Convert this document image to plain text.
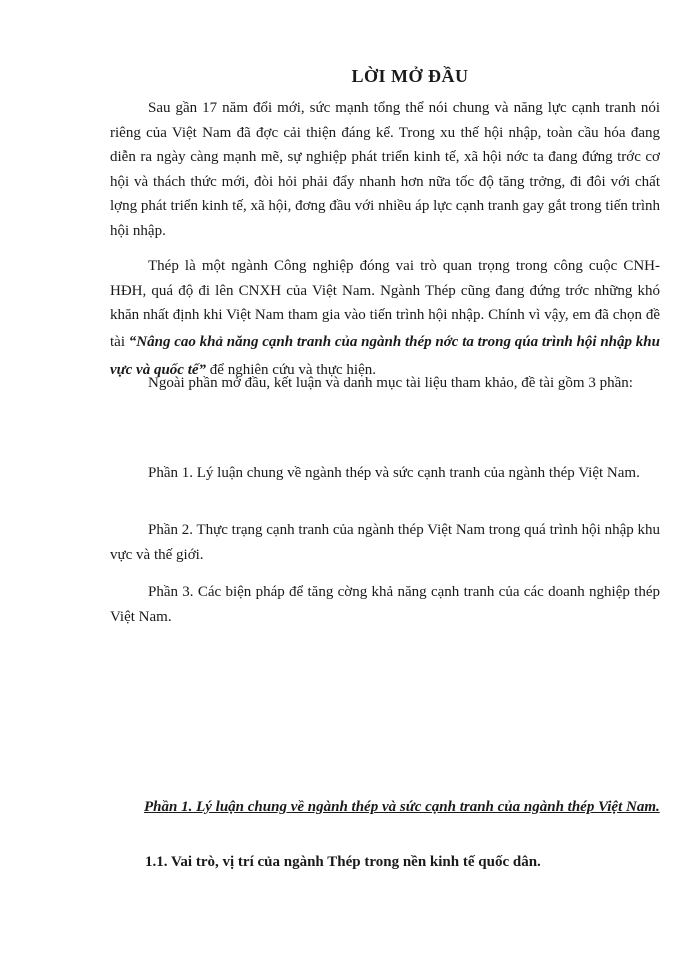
LỜI MỞ ĐẦU

Sau gần 17 năm đổi mới, sức mạnh tổng thể nói chung và năng lực cạnh tranh nói riêng của Việt Nam đã đợc cải thiện đáng kể. Trong xu thế hội nhập, toàn cầu hóa đang diễn ra ngày càng mạnh mẽ, sự nghiệp phát triển kinh tế, xã hội nớc ta đang đứng trớc cơ hội và thách thức mới, đòi hỏi phải đẩy nhanh hơn nữa tốc độ tăng trởng, đi đôi với chất lợng phát triển kinh tế, xã hội, đơng đầu với nhiều áp lực cạnh tranh gay gắt trong tiến trình hội nhập.

Thép là một ngành Công nghiệp đóng vai trò quan trọng trong công cuộc CNH-HĐH, quá độ đi lên CNXH của Việt Nam. Ngành Thép cũng đang đứng trớc những khó khăn nhất định khi Việt Nam tham gia vào tiến trình hội nhập. Chính vì vậy, em đã chọn đề tài “Nâng cao khả năng cạnh tranh của ngành thép nớc ta trong qúa trình hội nhập khu vực và quốc tế” để nghiên cứu và thực hiện.

Ngoài phần mở đầu, kết luận và danh mục tài liệu tham khảo, đề tài gồm 3 phần:

Phần 1. Lý luận chung về ngành thép và sức cạnh tranh của ngành thép Việt Nam.

Phần 2. Thực trạng cạnh tranh của ngành thép Việt Nam trong quá trình hội nhập khu vực và thế giới.

Phần 3. Các biện pháp để tăng cờng khả năng cạnh tranh của các doanh nghiệp thép Việt Nam.

Phần 1. Lý luận chung về ngành thép và sức cạnh tranh của ngành thép Việt Nam.

1.1. Vai trò, vị trí của ngành Thép trong nền kinh tế quốc dân.
